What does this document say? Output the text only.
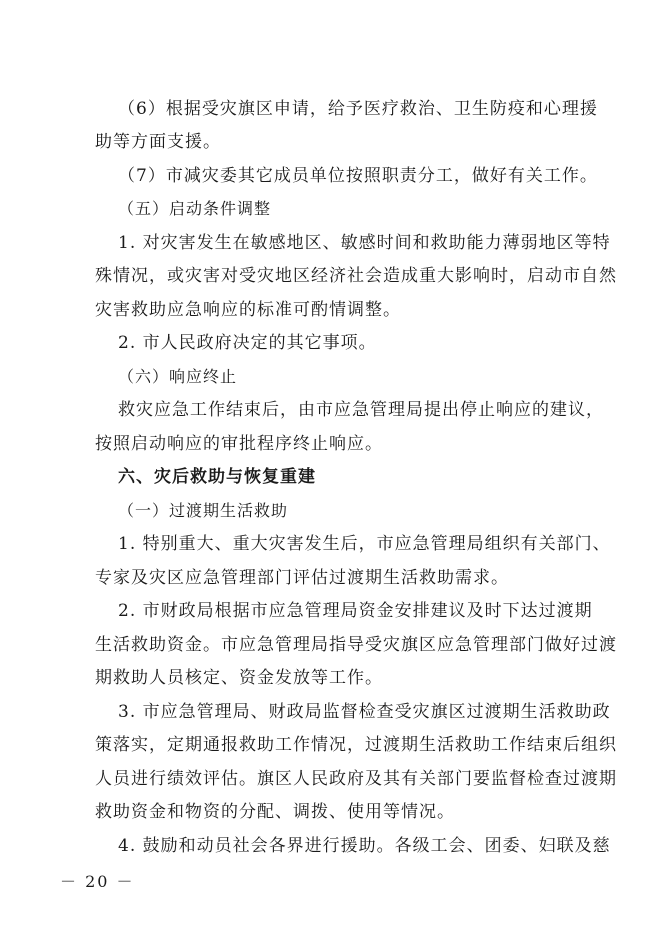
（6）根据受灾旗区申请，给予医疗救治、卫生防疫和心理援

助等方面支援。

（7）市减灾委其它成员单位按照职责分工，做好有关工作。

（五）启动条件调整

1. 对灾害发生在敏感地区、敏感时间和救助能力薄弱地区等特

殊情况，或灾害对受灾地区经济社会造成重大影响时，启动市自然

灾害救助应急响应的标准可酌情调整。

2. 市人民政府决定的其它事项。

（六）响应终止

救灾应急工作结束后，由市应急管理局提出停止响应的建议，

按照启动响应的审批程序终止响应。

六、灾后救助与恢复重建

（一）过渡期生活救助

1. 特别重大、重大灾害发生后，市应急管理局组织有关部门、

专家及灾区应急管理部门评估过渡期生活救助需求。

2. 市财政局根据市应急管理局资金安排建议及时下达过渡期

生活救助资金。市应急管理局指导受灾旗区应急管理部门做好过渡

期救助人员核定、资金发放等工作。

3. 市应急管理局、财政局监督检查受灾旗区过渡期生活救助政

策落实，定期通报救助工作情况，过渡期生活救助工作结束后组织

人员进行绩效评估。旗区人民政府及其有关部门要监督检查过渡期

救助资金和物资的分配、调拨、使用等情况。

4. 鼓励和动员社会各界进行援助。各级工会、团委、妇联及慈

－ 20 －
